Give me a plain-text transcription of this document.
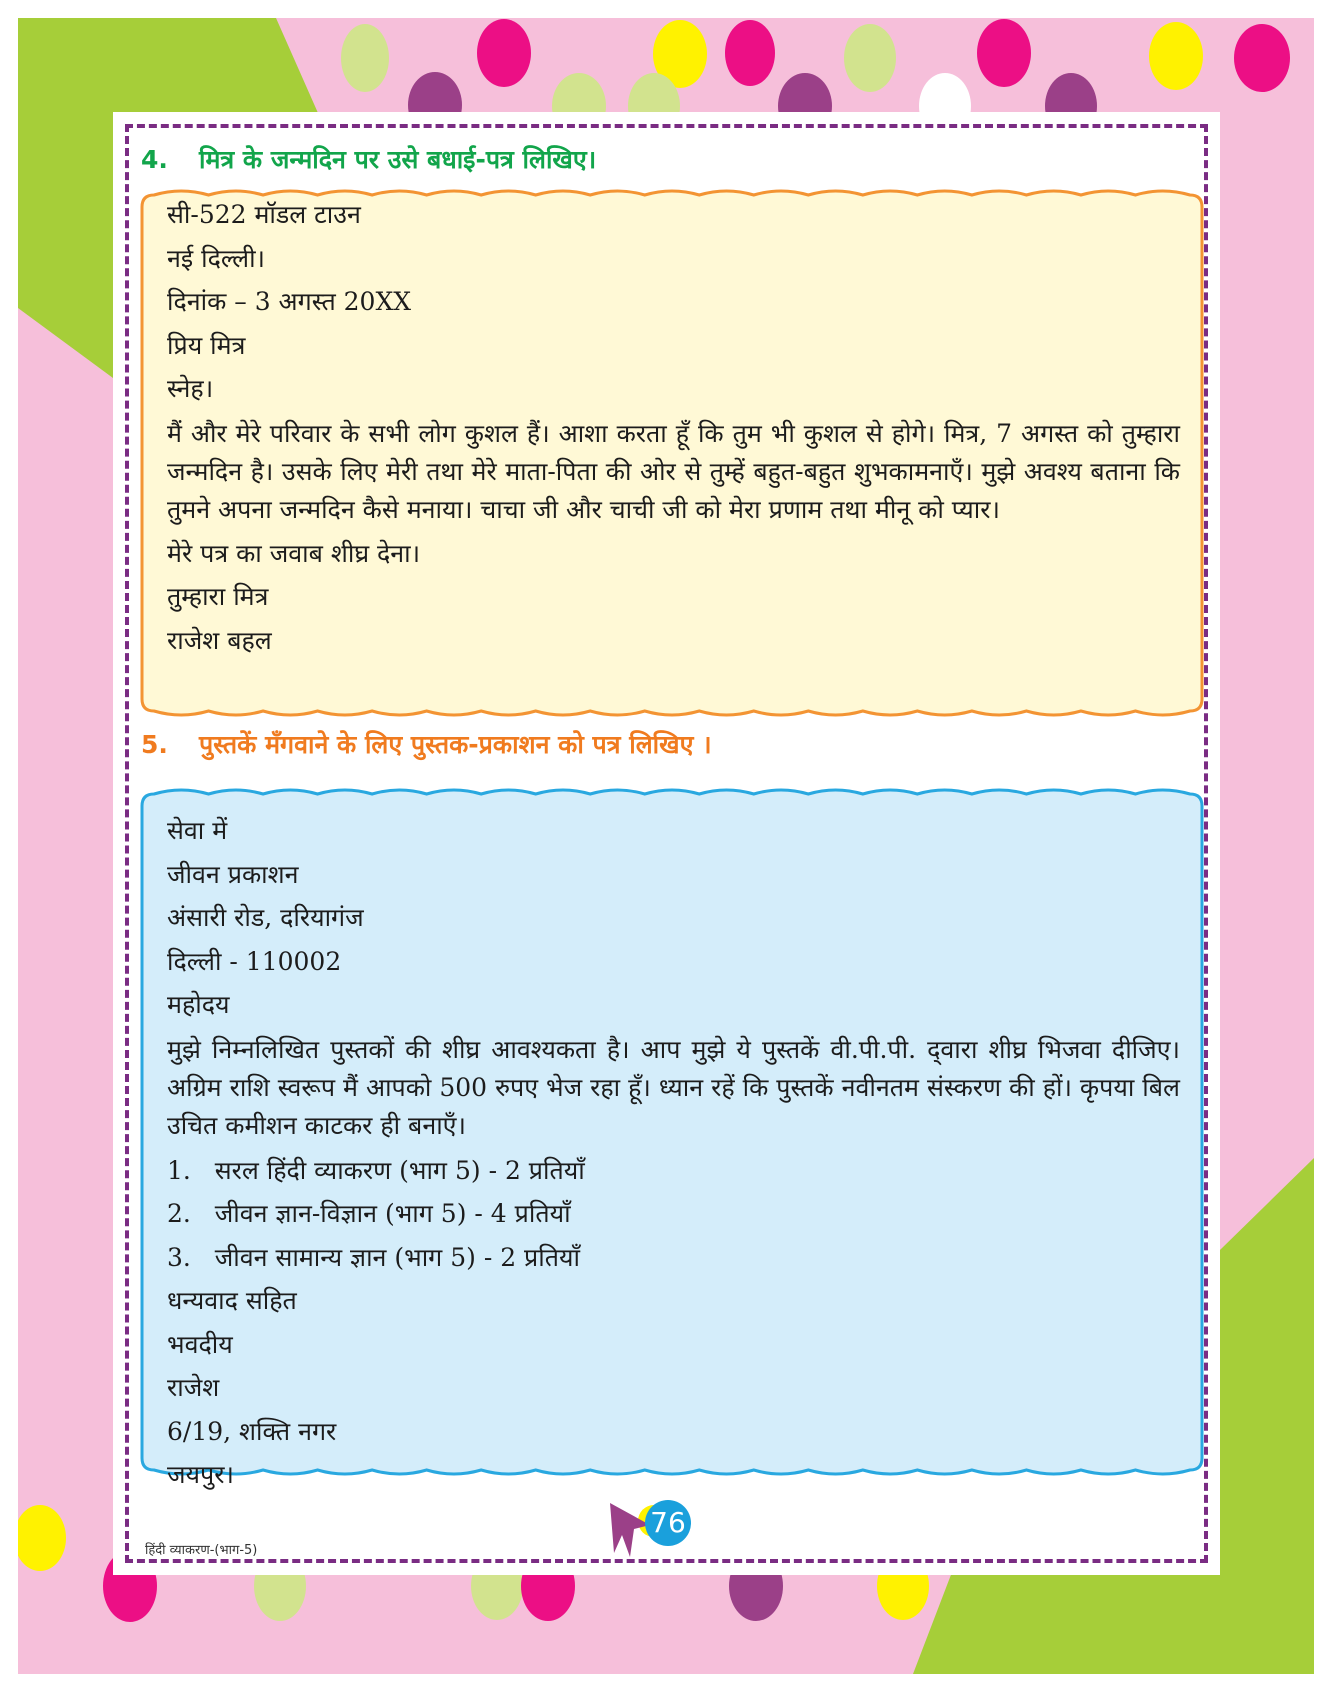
4. मित्र के जन्मदिन पर उसे बधाई-पत्र लिखिए।
सी-522 मॉडल टाउन
नई दिल्ली।
दिनांक – 3 अगस्त 20XX
प्रिय मित्र
स्नेह।
मैं और मेरे परिवार के सभी लोग कुशल हैं। आशा करता हूँ कि तुम भी कुशल से होगे। मित्र, 7 अगस्त को तुम्हारा जन्मदिन है। उसके लिए मेरी तथा मेरे माता-पिता की ओर से तुम्हें बहुत-बहुत शुभकामनाएँ। मुझे अवश्य बताना कि तुमने अपना जन्मदिन कैसे मनाया। चाचा जी और चाची जी को मेरा प्रणाम तथा मीनू को प्यार।
मेरे पत्र का जवाब शीघ्र देना।
तुम्हारा मित्र
राजेश बहल
5. पुस्तकें मँगवाने के लिए पुस्तक-प्रकाशन को पत्र लिखिए ।
सेवा में
जीवन प्रकाशन
अंसारी रोड, दरियागंज
दिल्ली - 110002
महोदय
मुझे निम्नलिखित पुस्तकों की शीघ्र आवश्यकता है। आप मुझे ये पुस्तकें वी.पी.पी. द्‌वारा शीघ्र भिजवा दीजिए। अग्रिम राशि स्वरूप मैं आपको 500 रुपए भेज रहा हूँ। ध्यान रहें कि पुस्तकें नवीनतम संस्करण की हों। कृपया बिल उचित कमीशन काटकर ही बनाएँ।
1.   सरल हिंदी व्याकरण (भाग 5) - 2 प्रतियाँ
2.   जीवन ज्ञान-विज्ञान (भाग 5) - 4 प्रतियाँ
3.   जीवन सामान्य ज्ञान (भाग 5) - 2 प्रतियाँ
धन्यवाद सहित
भवदीय
राजेश
6/19, शक्ति नगर
जयपुर।
हिंदी व्याकरण-(भाग-5)
76
